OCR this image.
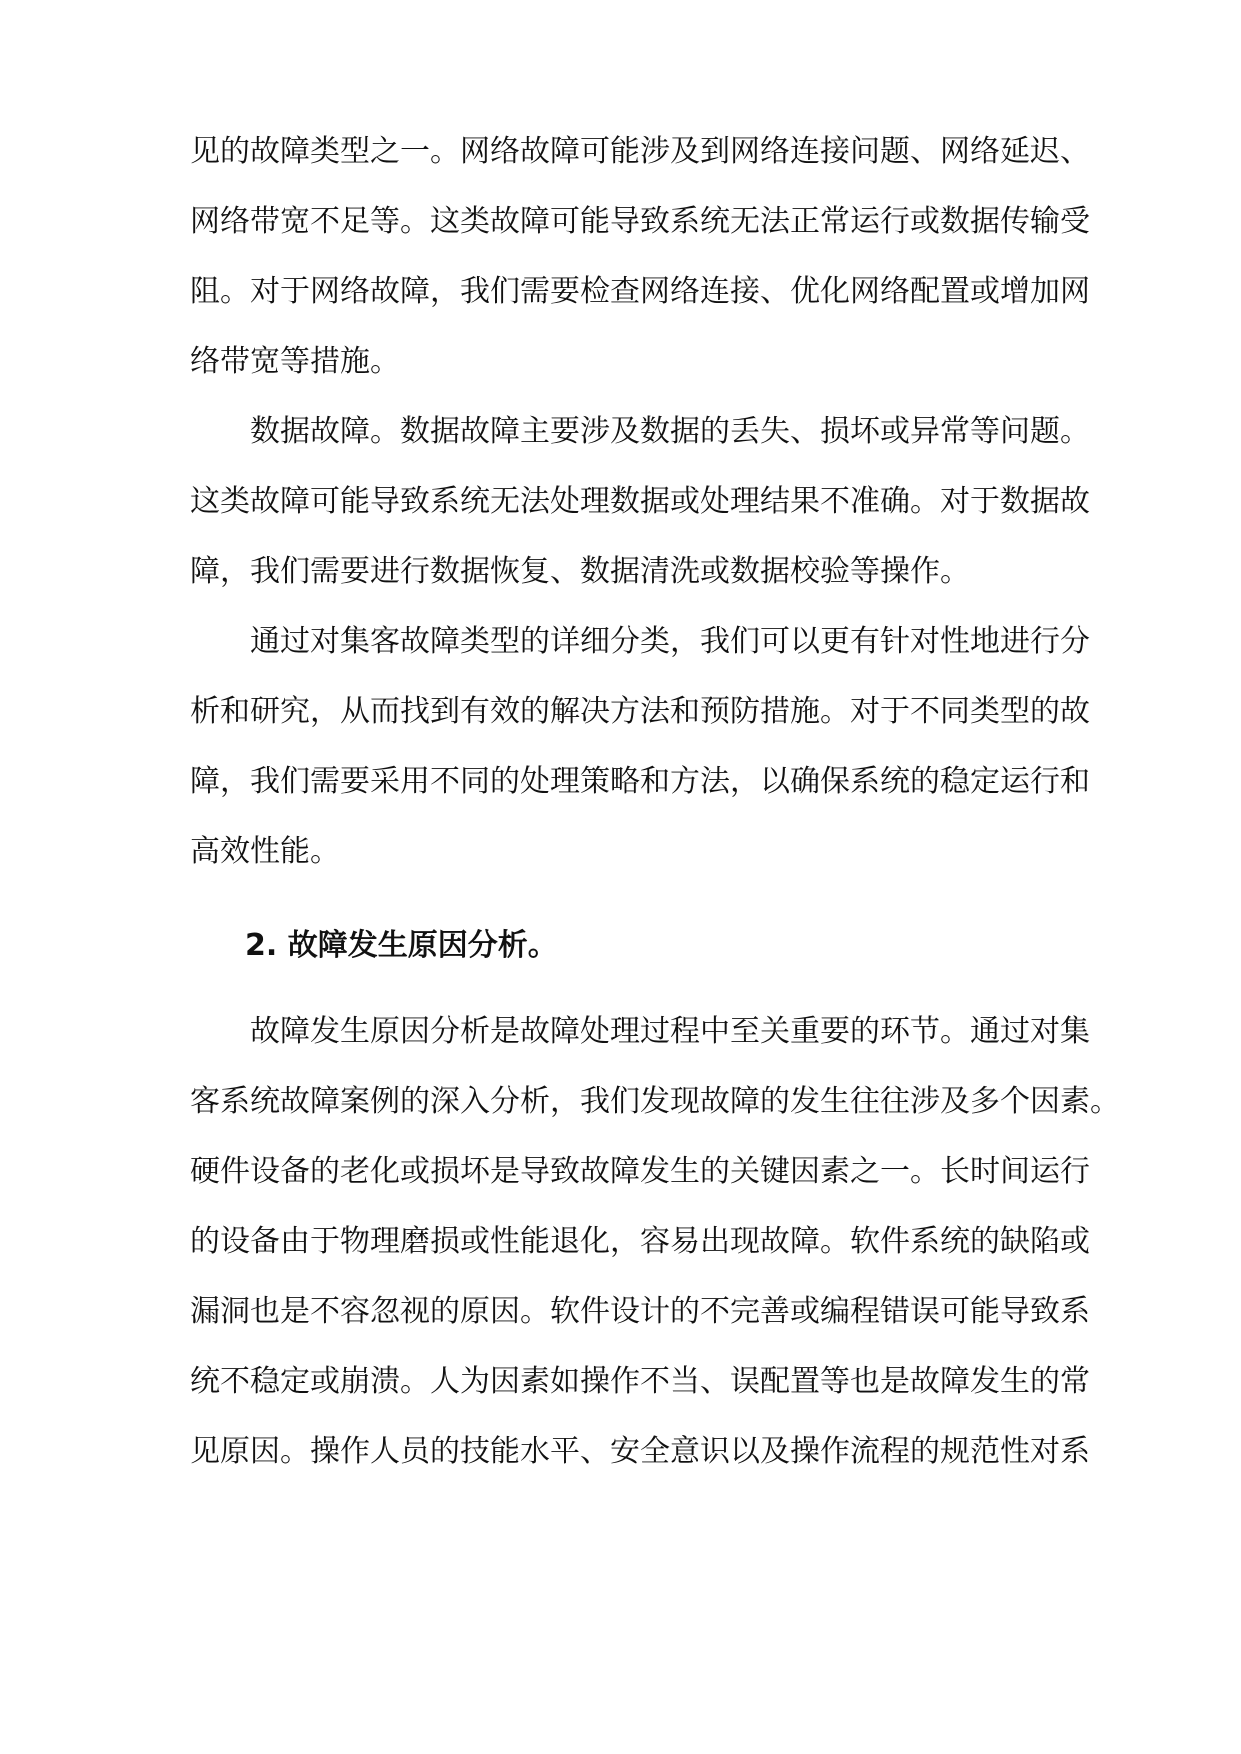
见的故障类型之一。网络故障可能涉及到网络连接问题、网络延迟、
网络带宽不足等。这类故障可能导致系统无法正常运行或数据传输受
阻。对于网络故障，我们需要检查网络连接、优化网络配置或增加网
络带宽等措施。
数据故障。数据故障主要涉及数据的丢失、损坏或异常等问题。
这类故障可能导致系统无法处理数据或处理结果不准确。对于数据故
障，我们需要进行数据恢复、数据清洗或数据校验等操作。
通过对集客故障类型的详细分类，我们可以更有针对性地进行分
析和研究，从而找到有效的解决方法和预防措施。对于不同类型的故
障，我们需要采用不同的处理策略和方法，以确保系统的稳定运行和
高效性能。
2. 故障发生原因分析。
故障发生原因分析是故障处理过程中至关重要的环节。通过对集
客系统故障案例的深入分析，我们发现故障的发生往往涉及多个因素。
硬件设备的老化或损坏是导致故障发生的关键因素之一。长时间运行
的设备由于物理磨损或性能退化，容易出现故障。软件系统的缺陷或
漏洞也是不容忽视的原因。软件设计的不完善或编程错误可能导致系
统不稳定或崩溃。人为因素如操作不当、误配置等也是故障发生的常
见原因。操作人员的技能水平、安全意识以及操作流程的规范性对系
